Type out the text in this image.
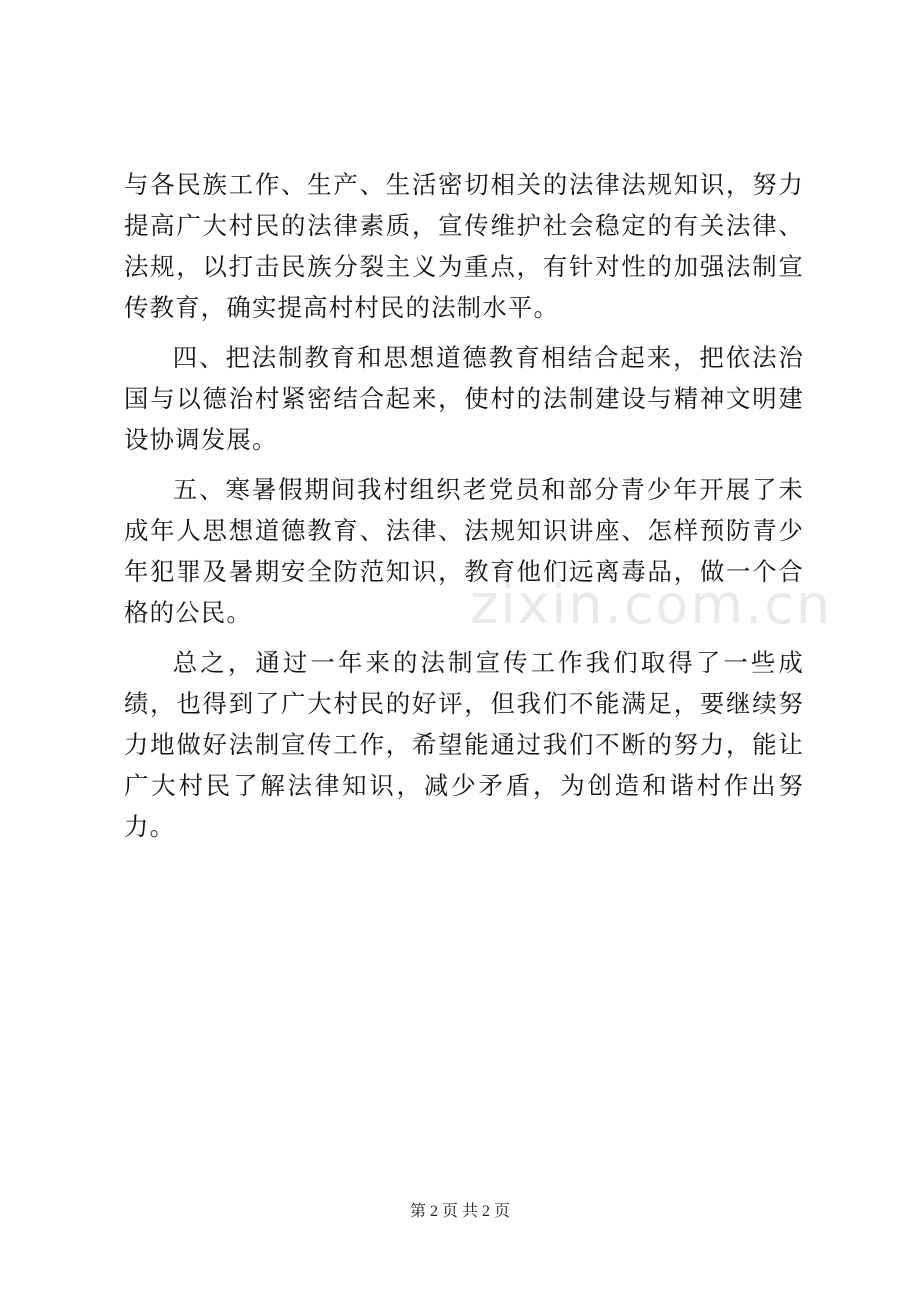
与各民族工作、生产、生活密切相关的法律法规知识，努力提高广大村民的法律素质，宣传维护社会稳定的有关法律、法规，以打击民族分裂主义为重点，有针对性的加强法制宣传教育，确实提高村村民的法制水平。

四、把法制教育和思想道德教育相结合起来，把依法治国与以德治村紧密结合起来，使村的法制建设与精神文明建设协调发展。

五、寒暑假期间我村组织老党员和部分青少年开展了未成年人思想道德教育、法律、法规知识讲座、怎样预防青少年犯罪及暑期安全防范知识，教育他们远离毒品，做一个合格的公民。

总之，通过一年来的法制宣传工作我们取得了一些成绩，也得到了广大村民的好评，但我们不能满足，要继续努力地做好法制宣传工作，希望能通过我们不断的努力，能让广大村民了解法律知识，减少矛盾，为创造和谐村作出努力。

zixin.com.cn
第 2 页 共 2 页
